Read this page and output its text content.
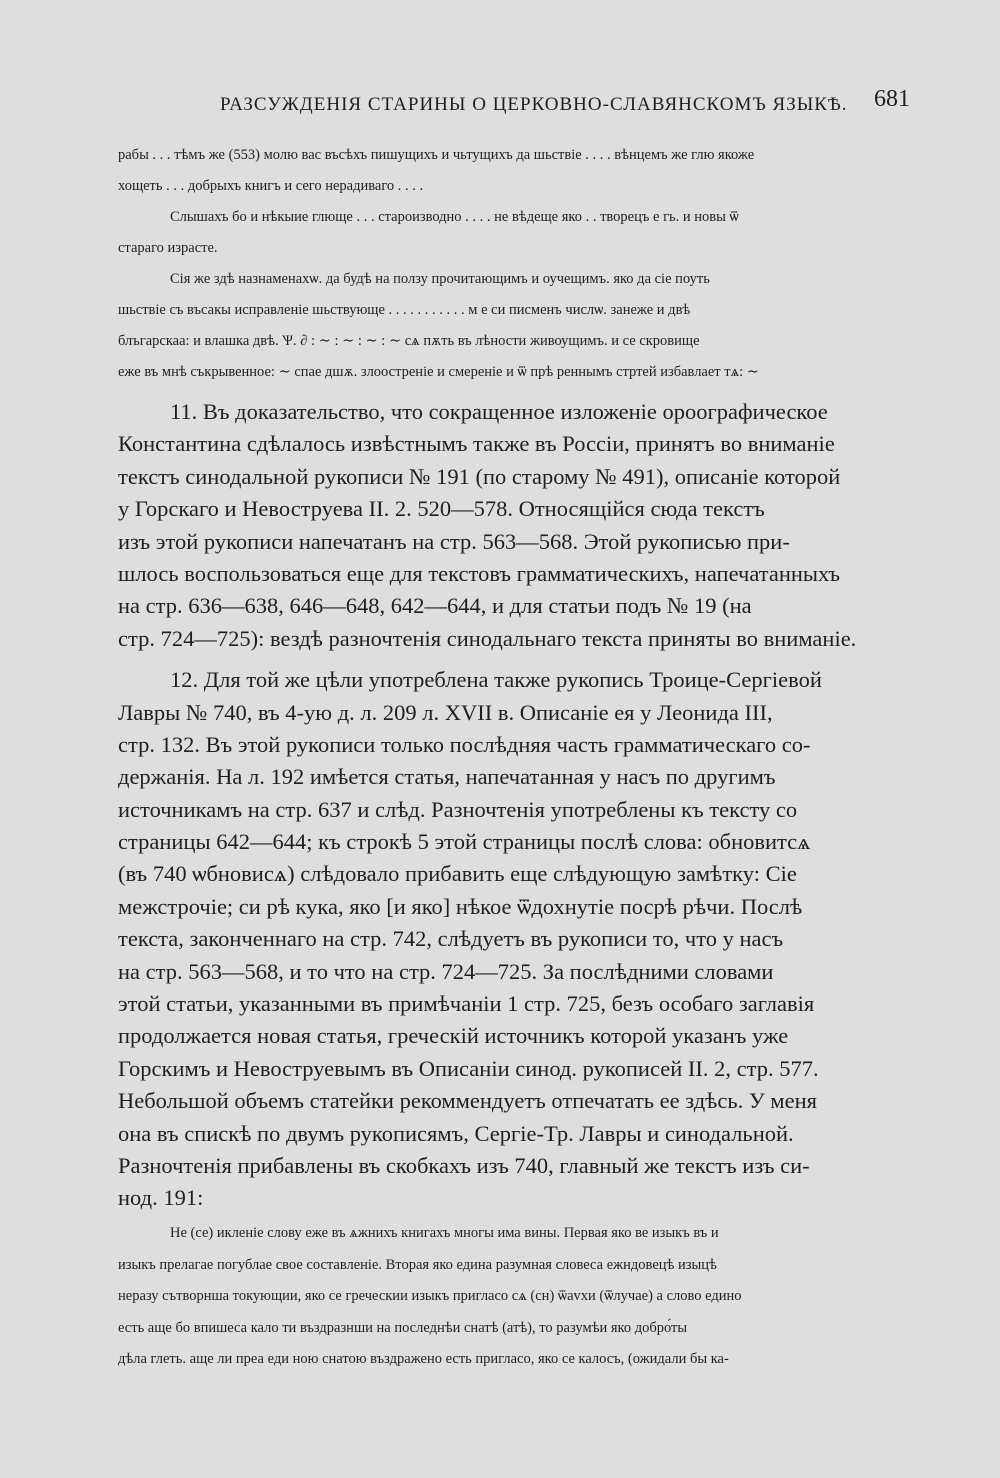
РАЗСУЖДЕНІЯ СТАРИНЫ О ЦЕРКОВНО-СЛАВЯНСКОМЪ ЯЗЫКѢ. 681
рабы . . . тѣмъ же (553) молю вас въсѣхъ пишущихъ и чьтущихъ да шьствіе . . . . вѣнцемъ же глю якоже
хощеть . . . добрыхъ книгъ и сего нерадиваго . . . .
Слышахъ бо и нѣкыие глюще . . . староизводно . . . . не вѣдеще яко . . творецъ е гь. и новы ѿ
стараго израсте.
Сія же здѣ назнаменахѡ. да будѣ на ползу прочитающимъ и оучещимъ. яко да сіе поуть
шьствіе съ въсакы исправленіе шьствующе . . . . . . . . . . . м е си писменъ числѡ. занеже и двѣ
блъгарскаа: и влашка двѣ. Ѱ. ∂ : ∼ : ∼ : ∼ : ∼ сѧ пѫть въ лѣности живоущимъ. и се скровище
еже въ мнѣ съкрывенное: ∼ спае дшѫ. злоостреніе и смереніе и ѿ прѣ реннымъ стртей избавлает тѧ: ∼
11. Въ доказательство, что сокращенное изложеніе ороографическое
Константина сдѣлалось извѣстнымъ также въ Россіи, принятъ во вниманіе
текстъ синодальной рукописи № 191 (по старому № 491), описаніе которой
у Горскаго и Невоструева II. 2. 520—578. Относящійся сюда текстъ
изъ этой рукописи напечатанъ на стр. 563—568. Этой рукописью при-
шлось воспользоваться еще для текстовъ грамматическихъ, напечатанныхъ
на стр. 636—638, 646—648, 642—644, и для статьи подъ № 19 (на
стр. 724—725): вездѣ разночтенія синодальнаго текста приняты во вниманіе.
12. Для той же цѣли употреблена также рукопись Троице-Сергіевой
Лавры № 740, въ 4-ую д. л. 209 л. XVII в. Описаніе ея у Леонида III,
стр. 132. Въ этой рукописи только послѣдняя часть грамматическаго со-
держанія. На л. 192 имѣется статья, напечатанная у насъ по другимъ
источникамъ на стр. 637 и слѣд. Разночтенія употреблены къ тексту со
страницы 642—644; къ строкѣ 5 этой страницы послѣ слова: обновитсѧ
(въ 740 ѡбновисѧ) слѣдовало прибавить еще слѣдующую замѣтку: Сіе
межстрочіе; си рѣ кука, яко [и яко] нѣкое ѿдохнутіе посрѣ рѣчи. Послѣ
текста, законченнаго на стр. 742, слѣдуетъ въ рукописи то, что у насъ
на стр. 563—568, и то что на стр. 724—725. За послѣдними словами
этой статьи, указанными въ примѣчаніи 1 стр. 725, безъ особаго заглавія
продолжается новая статья, греческій источникъ которой указанъ уже
Горскимъ и Невоструевымъ въ Описаніи синод. рукописей II. 2, стр. 577.
Небольшой объемъ статейки рекоммендуетъ отпечатать ее здѣсь. У меня
она въ спискѣ по двумъ рукописямъ, Сергіе-Тр. Лавры и синодальной.
Разночтенія прибавлены въ скобкахъ изъ 740, главный же текстъ изъ си-
нод. 191:
Не (се) икленіе слову еже въ ѧжнихъ книгахъ многы има вины. Первая яко ве изыкъ въ и
изыкъ прелагае погублае свое составленіе. Вторая яко едина разумная словеса ежндовецѣ изыцѣ
неразу сътворнша токующии, яко се греческии изыкъ пригласо сѧ (сн) ѿаvхи (ѿлучае) а слово едино
есть аще бо впишеса кало ти въздразнши на последнѣи снатѣ (атѣ), то разумѣи яко добро́ты
дѣла глеть. аще ли преа еди ною снатою въздражено есть пригласо, яко се калосъ, (ожидали бы ка-
